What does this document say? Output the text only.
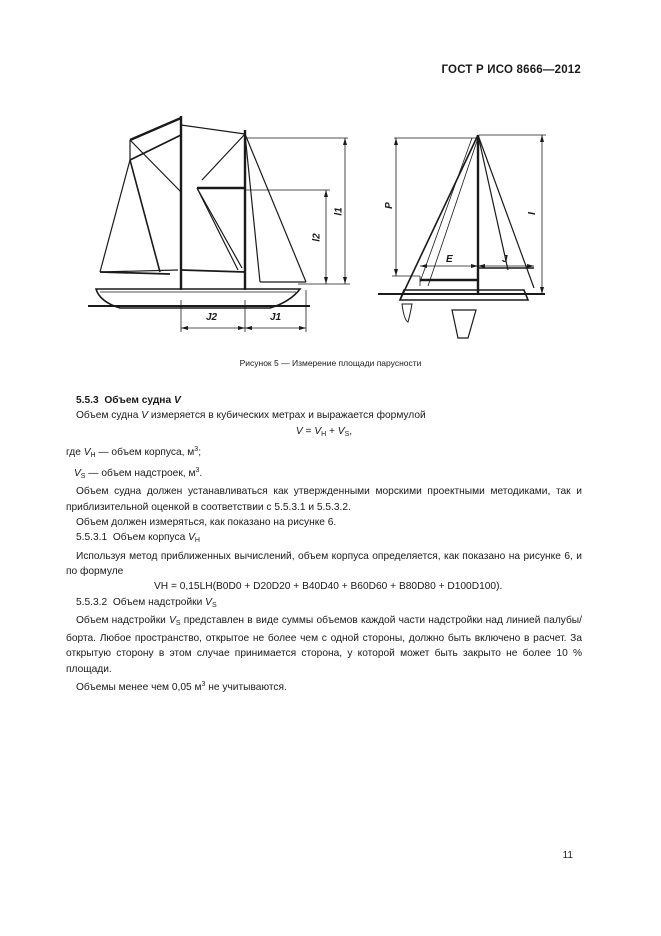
ГОСТ Р ИСО 8666—2012
J2	J1
l1
l2
P
E	J
I
Рисунок 5 — Измерение площади парусности

5.5.3 Объем судна V

Объем судна V измеряется в кубических метрах и выражается формулой

$V = V_H + V_S$,

где $V_H$ — объем корпуса, $м^3$;

$V_S$ — объем надстроек, $м^3$.

Объем судна должен устанавливаться как утвержденными морскими проектными методиками, так и приблизительной оценкой в соответствии с 5.5.3.1 и 5.5.3.2.

Объем должен измеряться, как показано на рисунке 6.

5.5.3.1 Объем корпуса $V_H$

Используя метод приближенных вычислений, объем корпуса определяется, как показано на рисунке 6, и по формуле

VH = 0,15LH(B0D0 + D20D20 + B40D40 + B60D60 + B80D80 + D100D100).

5.5.3.2 Объем надстройки $V_S$

Объем надстройки $V_S$ представлен в виде суммы объемов каждой части надстройки над линией палубы/ борта. Любое пространство, открытое не более чем с одной стороны, должно быть включено в расчет. За открытую сторону в этом случае принимается сторона, у которой может быть закрыто не более 10 % площади.

Объемы менее чем 0,05 $м^3$ не учитываются.

11
